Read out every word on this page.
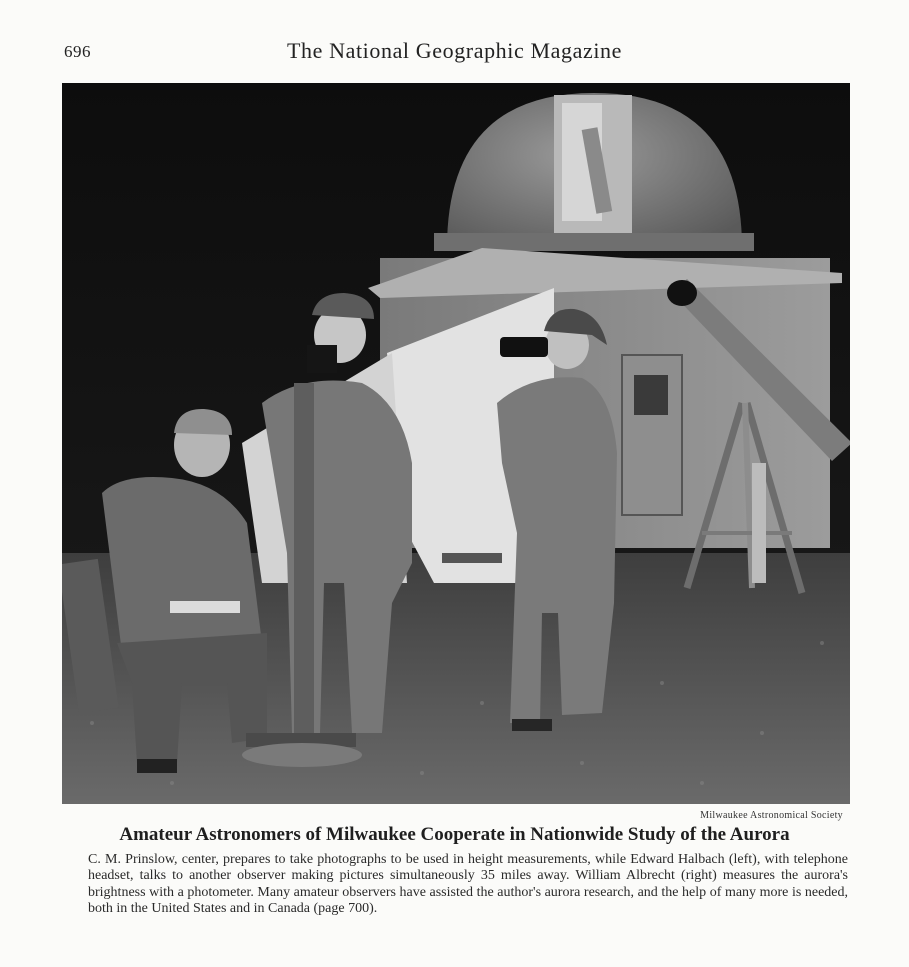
696	The National Geographic Magazine
Milwaukee Astronomical Society
Amateur Astronomers of Milwaukee Cooperate in Nationwide Study of the Aurora
C. M. Prinslow, center, prepares to take photographs to be used in height measurements, while Edward Halbach (left), with telephone headset, talks to another observer making pictures simultaneously 35 miles away. William Albrecht (right) measures the aurora's brightness with a photometer. Many amateur observers have assisted the author's aurora research, and the help of many more is needed, both in the United States and in Canada (page 700).
